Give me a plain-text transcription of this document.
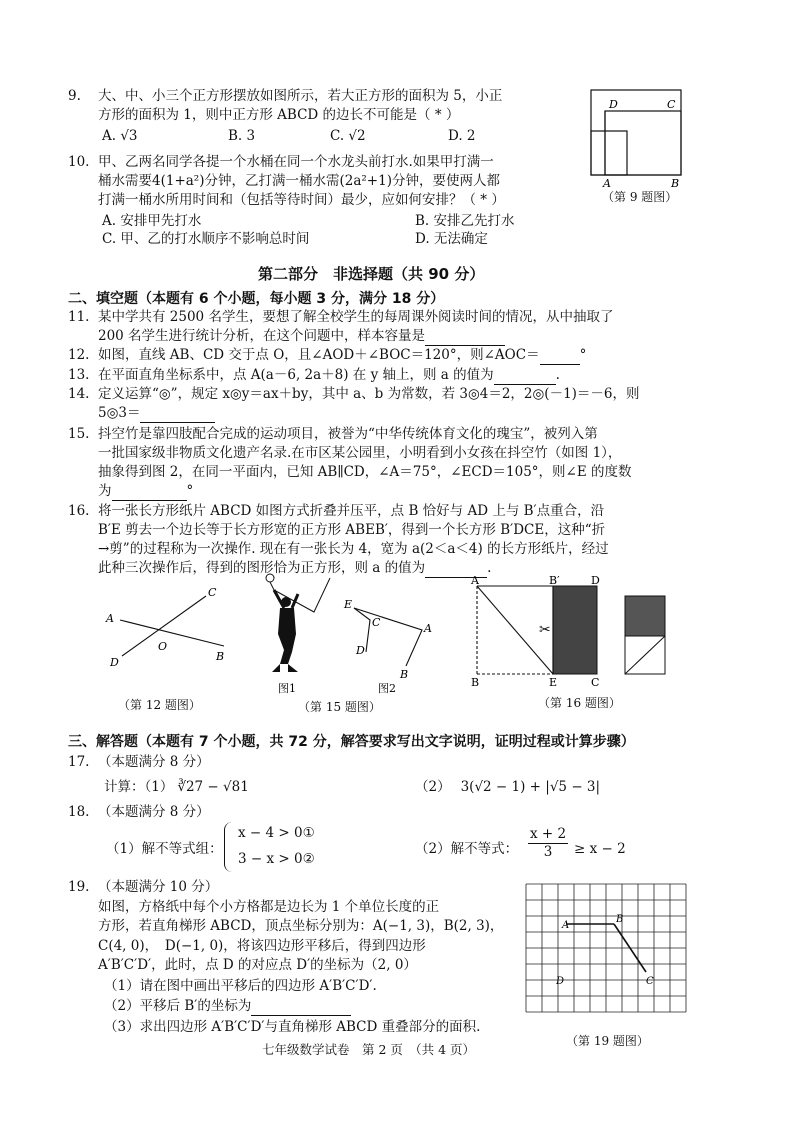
9. 大、中、小三个正方形摆放如图所示，若大正方形的面积为 5，小正
方形的面积为 1，则中正方形 ABCD 的边长不可能是（ * ）
A. √3	B. 3	C. √2	D. 2
D	C
A	B
（第 9 题图）
10. 甲、乙两名同学各提一个水桶在同一个水龙头前打水.如果甲打满一
桶水需要4(1+a²)分钟，乙打满一桶水需(2a²+1)分钟，要使两人都
打满一桶水所用时间和（包括等待时间）最少，应如何安排？（ * ）
A. 安排甲先打水	B. 安排乙先打水
C. 甲、乙的打水顺序不影响总时间	D. 无法确定
第二部分　非选择题（共 90 分）
二、填空题（本题有 6 个小题，每小题 3 分，满分 18 分）
11. 某中学共有 2500 名学生，要想了解全校学生的每周课外阅读时间的情况，从中抽取了
200 名学生进行统计分析，在这个问题中，样本容量是
12. 如图，直线 AB、CD 交于点 O，且∠AOD＋∠BOC＝120°，则∠AOC＝	°
13. 在平面直角坐标系中，点 A(a－6, 2a＋8) 在 y 轴上，则 a 的值为	.
14. 定义运算“◎”，规定 x◎y＝ax＋by，其中 a、b 为常数，若 3◎4＝2，2◎(－1)＝－6，则
5◎3＝
15. 抖空竹是靠四肢配合完成的运动项目，被誉为“中华传统体育文化的瑰宝”，被列入第
一批国家级非物质文化遗产名录.在市区某公园里，小明看到小女孩在抖空竹（如图 1），
抽象得到图 2，在同一平面内，已知 AB∥CD，∠A＝75°，∠ECD＝105°，则∠E 的度数
为	°
16. 将一张长方形纸片 ABCD 如图方式折叠并压平，点 B 恰好与 AD 上与 B′点重合，沿
B′E 剪去一个边长等于长方形宽的正方形 ABEB′，得到一个长方形 B′DCE，这种“折
→剪”的过程称为一次操作. 现在有一张长为 4，宽为 a(2＜a＜4) 的长方形纸片，经过
此种三次操作后，得到的图形恰为正方形，则 a 的值为	.
A
C
O
D	B
（第 12 题图）
E
C	A
D
B
图1	图2
（第 15 题图）
✂
A	B′	D
B	E	C
（第 16 题图）
三、解答题（本题有 7 个小题，共 72 分，解答要求写出文字说明，证明过程或计算步骤）
17. （本题满分 8 分）
计算：（1） ∛27 − √81	（2） 3(√2 − 1) + |√5 − 3|
18. （本题满分 8 分）
（1）解不等式组：
x − 4 > 0①
3 − x > 0②
（2）解不等式： $\frac{x + 2}{3} \ge x - 2$
19. （本题满分 10 分）
如图，方格纸中每个小方格都是边长为 1 个单位长度的正
方形，若直角梯形 ABCD，顶点坐标分别为：A(−1, 3)，B(2, 3)，
C(4, 0)，　D(−1, 0)，将该四边形平移后，得到四边形
A′B′C′D′，此时，点 D 的对应点 D′的坐标为（2, 0）
（1）请在图中画出平移后的四边形 A′B′C′D′.
（2）平移后 B′的坐标为
（3）求出四边形 A′B′C′D′与直角梯形 ABCD 重叠部分的面积.
A
B
D	C
（第 19 题图）
七年级数学试卷　第 2 页　（共 4 页）
